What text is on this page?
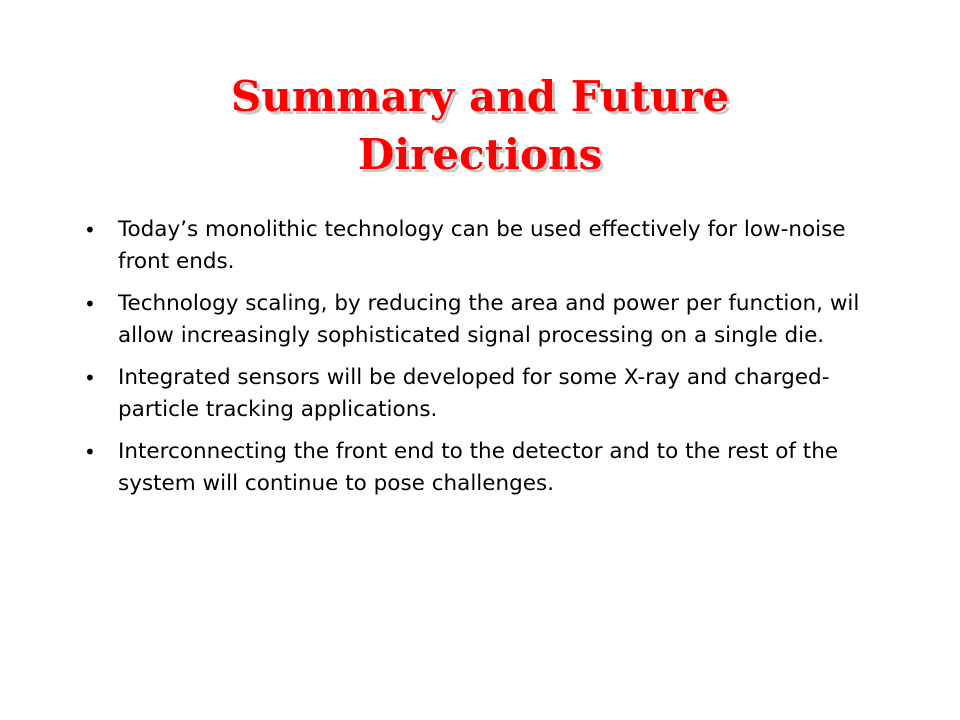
Summary and Future
Directions
• Today’s monolithic technology can be used effectively for low-noise front ends.
• Technology scaling, by reducing the area and power per function, wil allow increasingly sophisticated signal processing on a single die.
• Integrated sensors will be developed for some X-ray and charged-particle tracking applications.
• Interconnecting the front end to the detector and to the rest of the system will continue to pose challenges.
